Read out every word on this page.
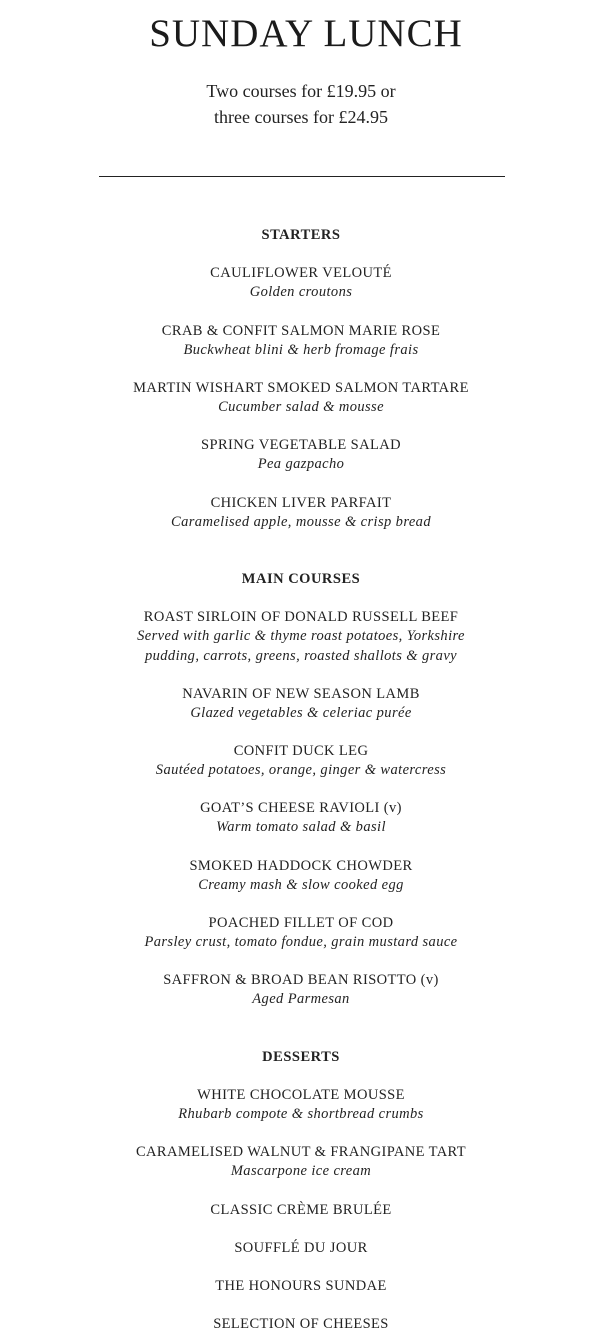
SUNDAY LUNCH
Two courses for £19.95 or
three courses for £24.95
STARTERS
CAULIFLOWER VELOUTÉ
Golden croutons
CRAB & CONFIT SALMON MARIE ROSE
Buckwheat blini & herb fromage frais
MARTIN WISHART SMOKED SALMON TARTARE
Cucumber salad & mousse
SPRING VEGETABLE SALAD
Pea gazpacho
CHICKEN LIVER PARFAIT
Caramelised apple, mousse & crisp bread
MAIN COURSES
ROAST SIRLOIN OF DONALD RUSSELL BEEF
Served with garlic & thyme roast potatoes, Yorkshire pudding, carrots, greens, roasted shallots & gravy
NAVARIN OF NEW SEASON LAMB
Glazed vegetables & celeriac purée
CONFIT DUCK LEG
Sautéed potatoes, orange, ginger & watercress
GOAT’S CHEESE RAVIOLI (v)
Warm tomato salad & basil
SMOKED HADDOCK CHOWDER
Creamy mash & slow cooked egg
POACHED FILLET OF COD
Parsley crust, tomato fondue, grain mustard sauce
SAFFRON & BROAD BEAN RISOTTO (v)
Aged Parmesan
DESSERTS
WHITE CHOCOLATE MOUSSE
Rhubarb compote & shortbread crumbs
CARAMELISED WALNUT & FRANGIPANE TART
Mascarpone ice cream
CLASSIC CRÈME BRULÉE
SOUFFLÉ DU JOUR
THE HONOURS SUNDAE
SELECTION OF CHEESES
